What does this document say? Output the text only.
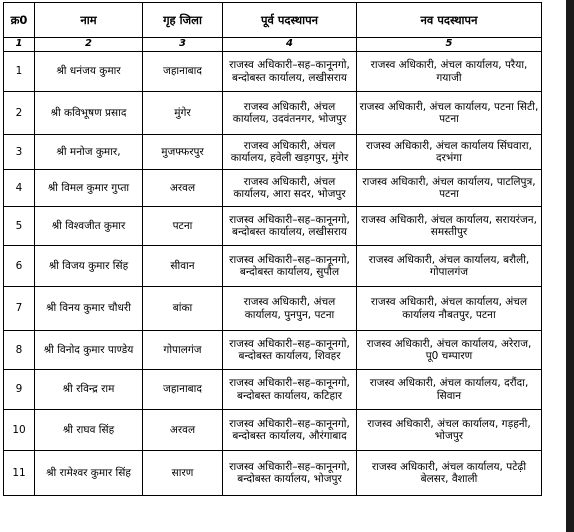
क्र0	नाम	गृह जिला	पूर्व पदस्थापन	नव पदस्थापन
1	2	3	4	5
1	श्री धनंजय कुमार	जहानाबाद	राजस्व अधिकारी–सह–कानूनगो, बन्दोबस्त कार्यालय, लखीसराय	राजस्व अधिकारी, अंचल कार्यालय, परैया, गयाजी
2	श्री कविभूषण प्रसाद	मुंगेर	राजस्व अधिकारी, अंचल कार्यालय, उदवंतनगर, भोजपुर	राजस्व अधिकारी, अंचल कार्यालय, पटना सिटी, पटना
3	श्री मनोज कुमार,	मुजफ्फरपुर	राजस्व अधिकारी, अंचल कार्यालय, हवेली खड़गपुर, मुंगेर	राजस्व अधिकारी, अंचल कार्यालय सिंघवारा, दरभंगा
4	श्री विमल कुमार गुप्ता	अरवल	राजस्व अधिकारी, अंचल कार्यालय, आरा सदर, भोजपुर	राजस्व अधिकारी, अंचल कार्यालय, पाटलिपुत्र, पटना
5	श्री विश्वजीत कुमार	पटना	राजस्व अधिकारी–सह–कानूनगो, बन्दोबस्त कार्यालय, लखीसराय	राजस्व अधिकारी, अंचल कार्यालय, सरायरंजन, समस्तीपुर
6	श्री विजय कुमार सिंह	सीवान	राजस्व अधिकारी–सह–कानूनगो, बन्दोबस्त कार्यालय, सुपौल	राजस्व अधिकारी, अंचल कार्यालय, बरौली, गोपालगंज
7	श्री विनय कुमार चौधरी	बांका	राजस्व अधिकारी, अंचल कार्यालय, पुनपुन, पटना	राजस्व अधिकारी, अंचल कार्यालय, अंचल कार्यालय नौबतपुर, पटना
8	श्री विनोद कुमार पाण्डेय	गोपालगंज	राजस्व अधिकारी–सह–कानूनगो, बन्दोबस्त कार्यालय, शिवहर	राजस्व अधिकारी, अंचल कार्यालय, अरेराज, पू0 चम्पारण
9	श्री रविन्द्र राम	जहानाबाद	राजस्व अधिकारी–सह–कानूनगो, बन्दोबस्त कार्यालय, कटिहार	राजस्व अधिकारी, अंचल कार्यालय, दरौंदा, सिवान
10	श्री राघव सिंह	अरवल	राजस्व अधिकारी–सह–कानूनगो, बन्दोबस्त कार्यालय, औरंगाबाद	राजस्व अधिकारी, अंचल कार्यालय, गड़हनी, भोजपुर
11	श्री रामेश्वर कुमार सिंह	सारण	राजस्व अधिकारी–सह–कानूनगो, बन्दोबस्त कार्यालय, भोजपुर	राजस्व अधिकारी, अंचल कार्यालय, पटेढ़ी बेलसर, वैशाली
